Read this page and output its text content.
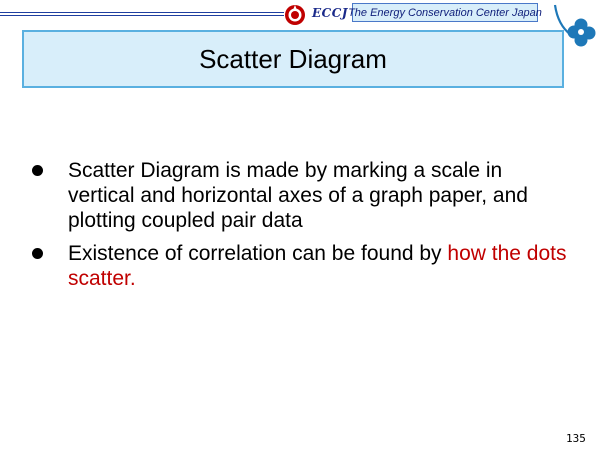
ECCJ The Energy Conservation Center Japan
Scatter Diagram
Scatter Diagram is made by marking a scale in vertical and horizontal axes of a graph paper, and plotting coupled pair data
Existence of correlation can be found by how the dots scatter.
135
